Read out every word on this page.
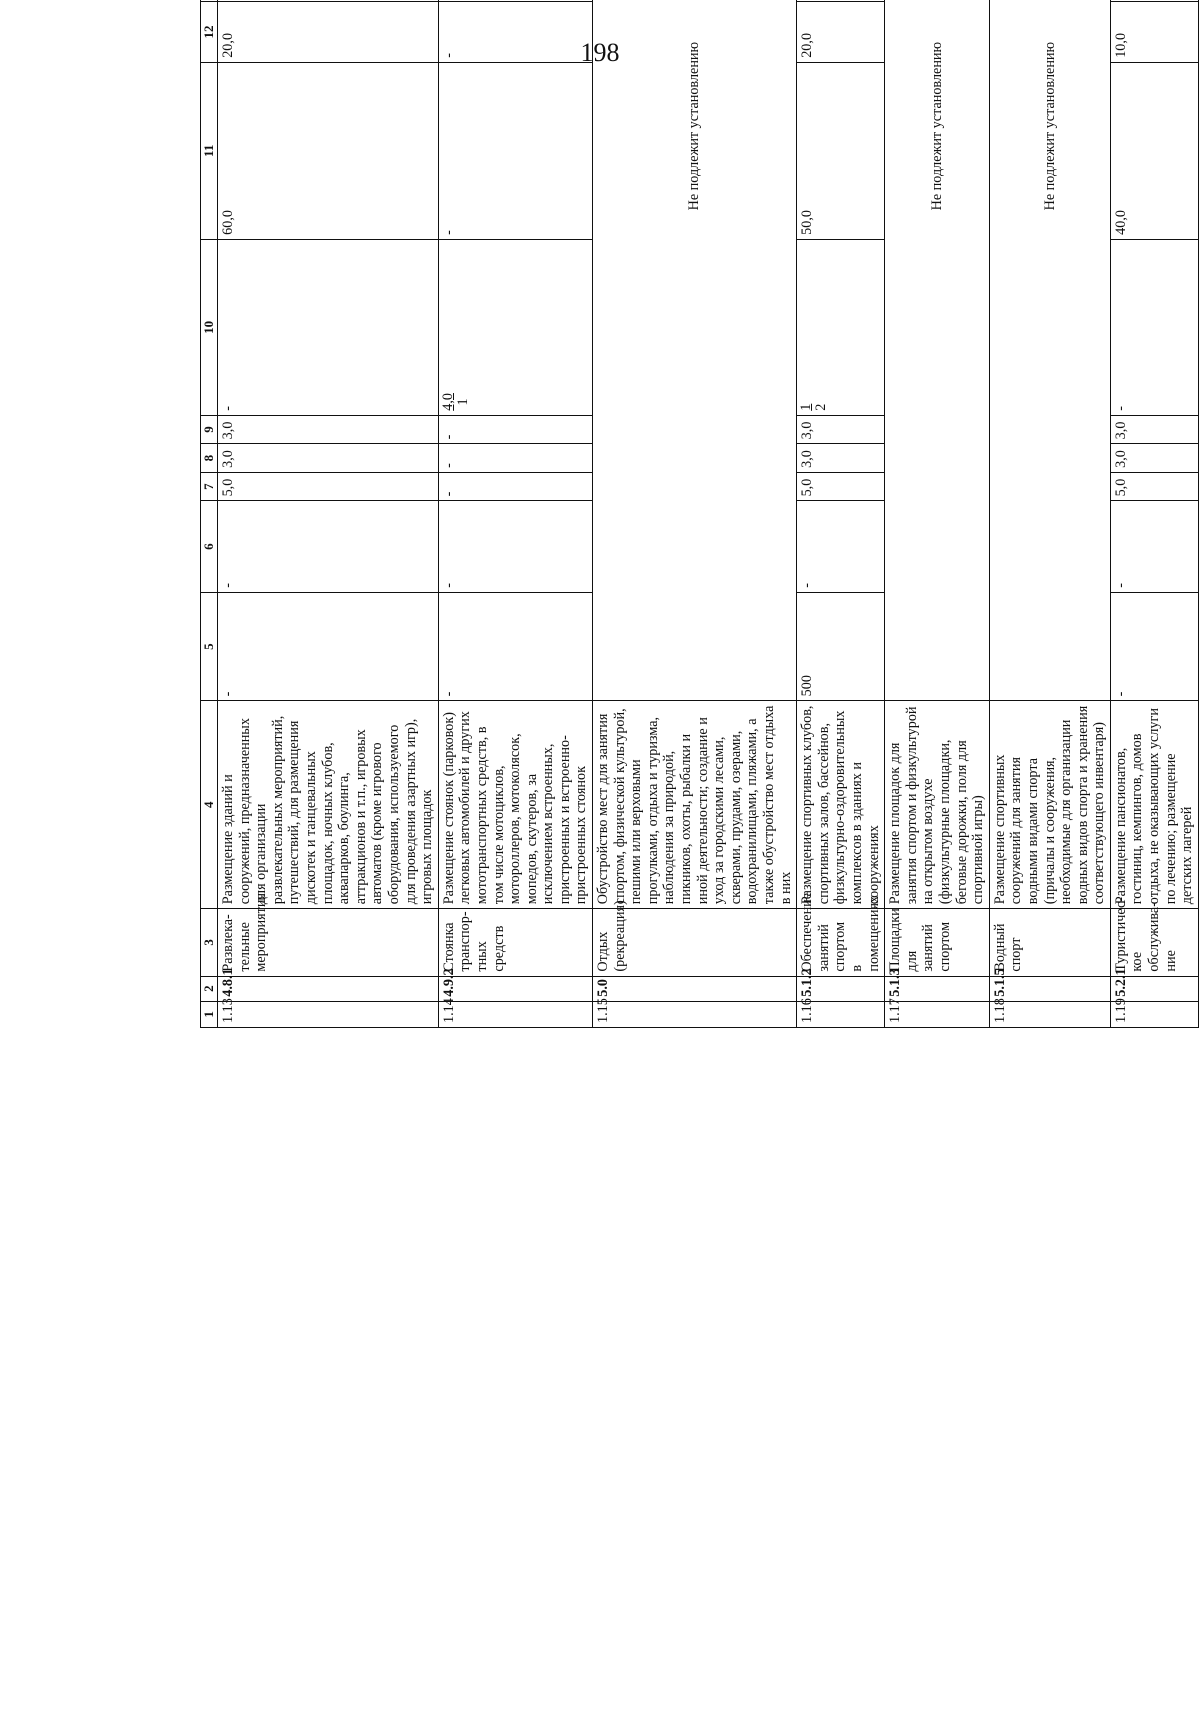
198
1	2	3	4	5	6	7	8	9	10	11	12						
1.13	4.8.1	Развлека-тельные мероприятия	Размещение зданий и сооружений, предназначенных для организации развлекательных мероприятий, путешествий, для размещения дискотек и танцевальных площадок, ночных клубов, аквапарков, боулинга, аттракционов и т.п., игровых автоматов (кроме игрового оборудования, используемого для проведения азартных игр), игровых площадок	-	-	5,0	3,0	3,0	-	60,0	20,0						
1.14	4.9.2	Стоянка транспор-тных средств	Размещение стоянок (парковок) легковых автомобилей и других мототранспортных средств, в том числе мотоциклов, мотороллеров, мотоколясок, мопедов, скутеров, за исключением встроенных, пристроенных и встроенно-пристроенных стоянок	-	-	-	-	-	4,0 1	-	-						
1.15	5.0	Отдых (рекреация)	Обустройство мест для занятия спортом, физической культурой, пешими или верховыми прогулками, отдыха и туризма, наблюдения за природой, пикников, охоты, рыбалки и иной деятельности; создание и уход за городскими лесами, скверами, прудами, озерами, водохранилищами, пляжами, а также обустройство мест отдыха в них	Не подлежит установлению													
1.16	5.1.2	Обеспечение занятий спортом в помещениях	Размещение спортивных клубов, спортивных залов, бассейнов, физкультурно-оздоровительных комплексов в зданиях и сооружениях	500	-	5,0	3,0	3,0	1 2	50,0	20,0						
1.17	5.1.3	Площадки для занятий спортом	Размещение площадок для занятия спортом и физкультурой на открытом воздухе (физкультурные площадки, беговые дорожки, поля для спортивной игры)	Не подлежит установлению													
1.18	5.1.5	Водный спорт	Размещение спортивных сооружений для занятия водными видами спорта (причалы и сооружения, необходимые для организации водных видов спорта и хранения соответствующего инвентаря)	Не подлежит установлению													
1.19	5.2.1	Туристичес-кое обслужива-ние	Размещение пансионатов, гостиниц, кемпингов, домов отдыха, не оказывающих услуги по лечению; размещение детских лагерей	-	-	5,0	3,0	3,0	-	40,0	10,0						
